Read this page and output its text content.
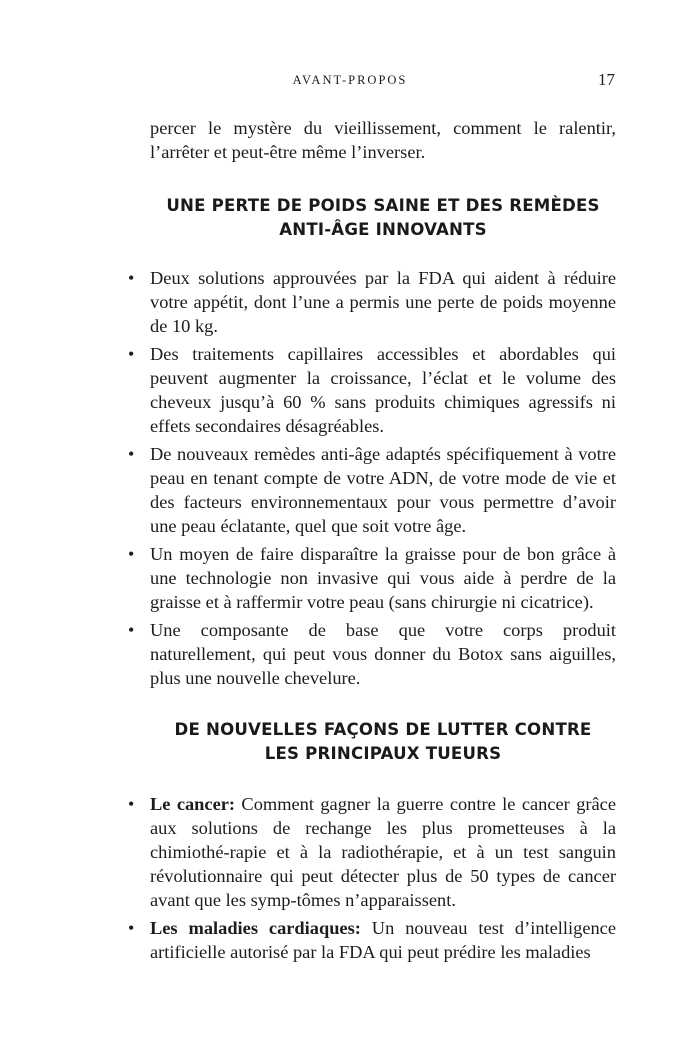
AVANT-PROPOS	17

percer le mystère du vieillissement, comment le ralentir, l’arrêter et peut-être même l’inverser.

UNE PERTE DE POIDS SAINE ET DES REMÈDES
ANTI-ÂGE INNOVANTS
• Deux solutions approuvées par la FDA qui aident à réduire votre appétit, dont l’une a permis une perte de poids moyenne de 10 kg.
• Des traitements capillaires accessibles et abordables qui peuvent augmenter la croissance, l’éclat et le volume des cheveux jusqu’à 60 % sans produits chimiques agressifs ni effets secondaires désagréables.
• De nouveaux remèdes anti-âge adaptés spécifiquement à votre peau en tenant compte de votre ADN, de votre mode de vie et des facteurs environnementaux pour vous permettre d’avoir une peau éclatante, quel que soit votre âge.
• Un moyen de faire disparaître la graisse pour de bon grâce à une technologie non invasive qui vous aide à perdre de la graisse et à raffermir votre peau (sans chirurgie ni cicatrice).
• Une composante de base que votre corps produit naturellement, qui peut vous donner du Botox sans aiguilles, plus une nouvelle chevelure.
DE NOUVELLES FAÇONS DE LUTTER CONTRE
LES PRINCIPAUX TUEURS
• Le cancer: Comment gagner la guerre contre le cancer grâce aux solutions de rechange les plus prometteuses à la chimiothé-rapie et à la radiothérapie, et à un test sanguin révolutionnaire qui peut détecter plus de 50 types de cancer avant que les symp-tômes n’apparaissent.
• Les maladies cardiaques: Un nouveau test d’intelligence artificielle autorisé par la FDA qui peut prédire les maladies
